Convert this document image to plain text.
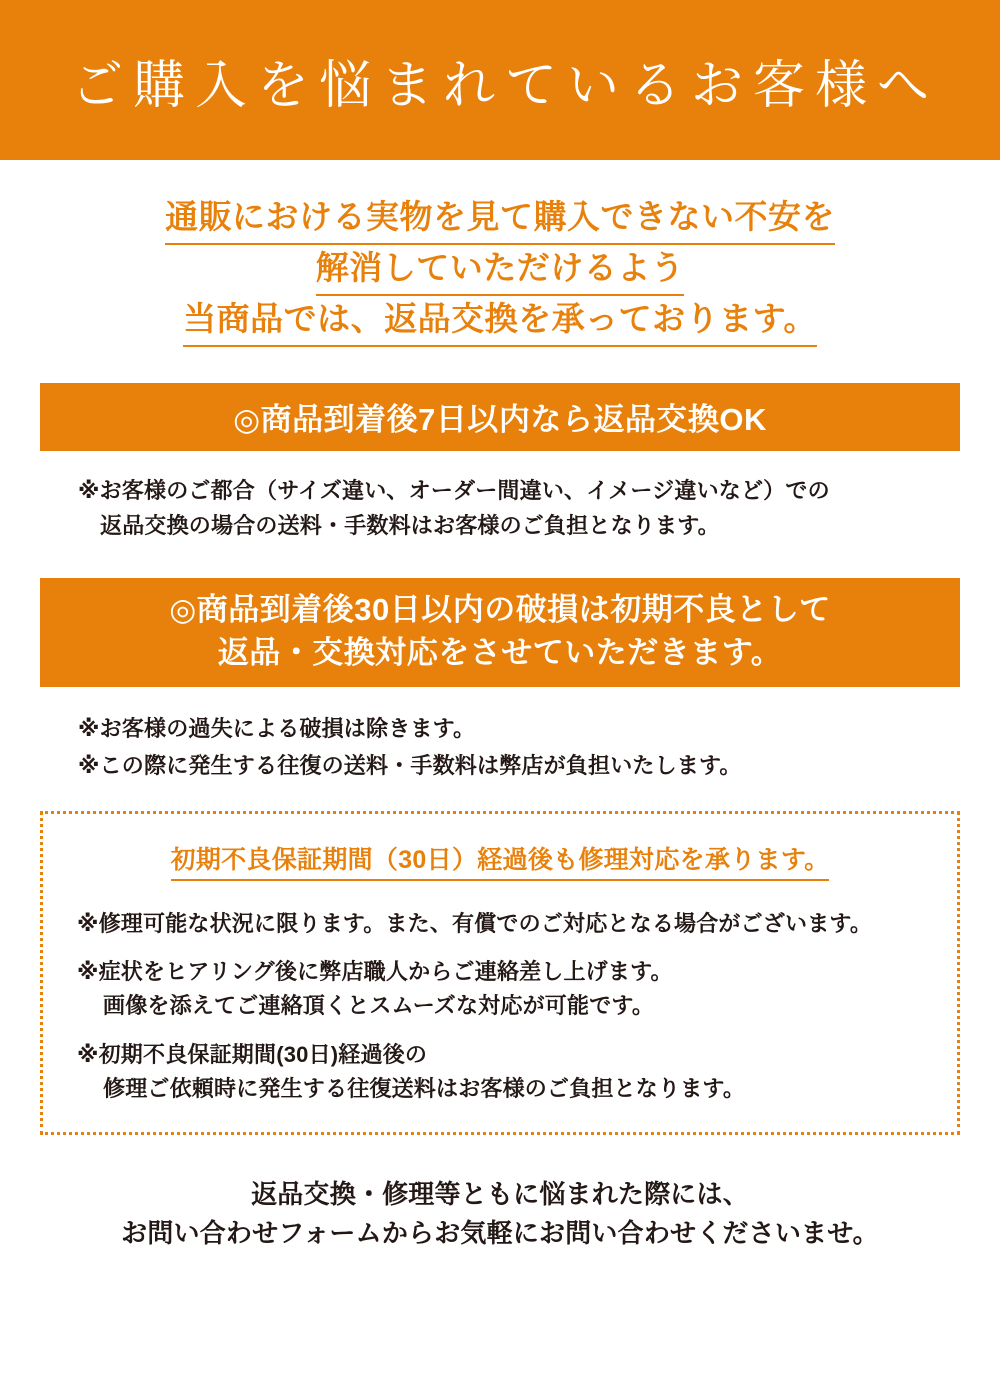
ご購入を悩まれているお客様へ
通販における実物を見て購入できない不安を
解消していただけるよう
当商品では、返品交換を承っております。
◎商品到着後7日以内なら返品交換OK
※お客様のご都合（サイズ違い、オーダー間違い、イメージ違いなど）での
返品交換の場合の送料・手数料はお客様のご負担となります。
◎商品到着後30日以内の破損は初期不良として
返品・交換対応をさせていただきます。
※お客様の過失による破損は除きます。
※この際に発生する往復の送料・手数料は弊店が負担いたします。
初期不良保証期間（30日）経過後も修理対応を承ります。

※修理可能な状況に限ります。また、有償でのご対応となる場合がございます。

※症状をヒアリング後に弊店職人からご連絡差し上げます。
画像を添えてご連絡頂くとスムーズな対応が可能です。

※初期不良保証期間(30日)経過後の
修理ご依頼時に発生する往復送料はお客様のご負担となります。

返品交換・修理等ともに悩まれた際には、
お問い合わせフォームからお気軽にお問い合わせくださいませ。
